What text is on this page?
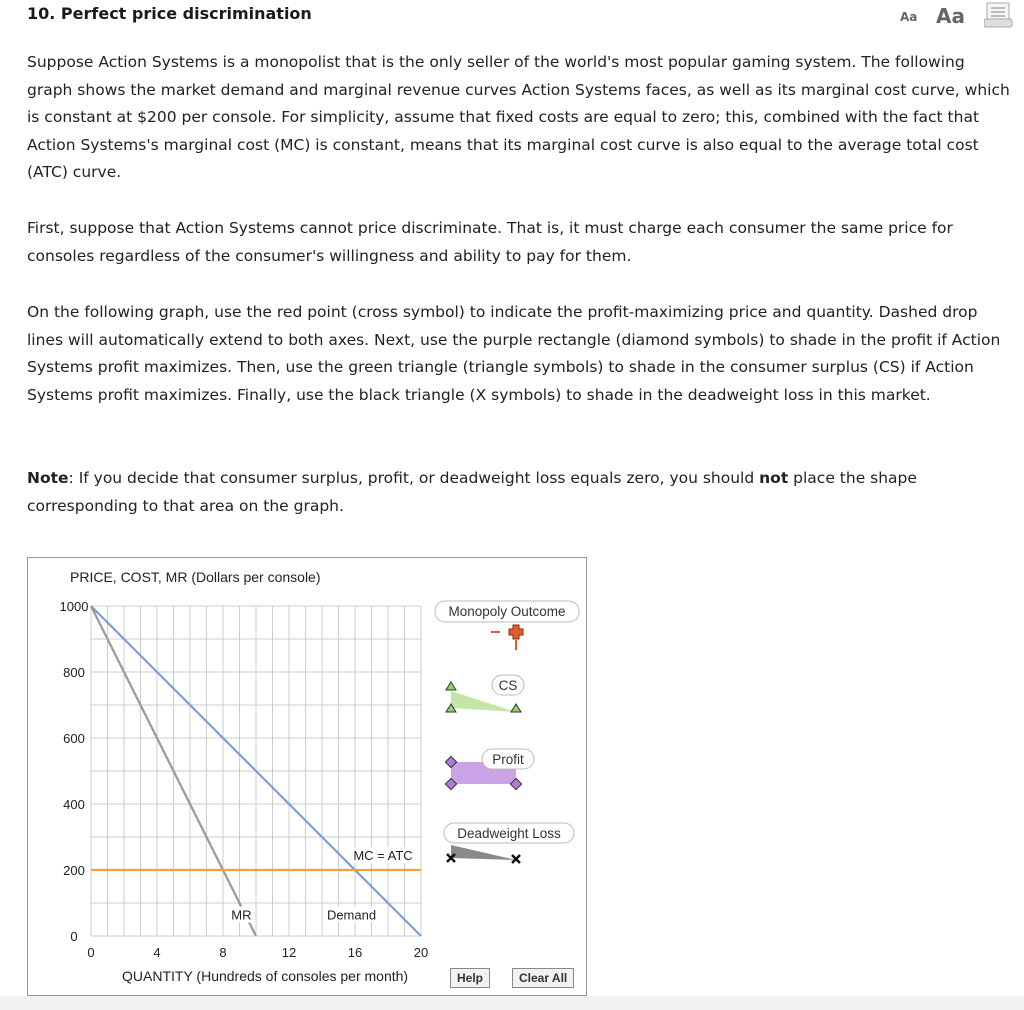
10. Perfect price discrimination	Aa Aa

Suppose Action Systems is a monopolist that is the only seller of the world's most popular gaming system. The following graph shows the market demand and marginal revenue curves Action Systems faces, as well as its marginal cost curve, which is constant at $200 per console. For simplicity, assume that fixed costs are equal to zero; this, combined with the fact that Action Systems's marginal cost (MC) is constant, means that its marginal cost curve is also equal to the average total cost (ATC) curve.

First, suppose that Action Systems cannot price discriminate. That is, it must charge each consumer the same price for consoles regardless of the consumer's willingness and ability to pay for them.

On the following graph, use the red point (cross symbol) to indicate the profit-maximizing price and quantity. Dashed drop lines will automatically extend to both axes. Next, use the purple rectangle (diamond symbols) to shade in the profit if Action Systems profit maximizes. Then, use the green triangle (triangle symbols) to shade in the consumer surplus (CS) if Action Systems profit maximizes. Finally, use the black triangle (X symbols) to shade in the deadweight loss in this market.

Note: If you decide that consumer surplus, profit, or deadweight loss equals zero, you should not place the shape corresponding to that area on the graph.

PRICE, COST, MR (Dollars per console)
QUANTITY (Hundreds of consoles per month)
0	4	8	12	16	20
0
200
400
600
800
1000
Demand
MR
MC = ATC
Monopoly Outcome
CS
Profit
Deadweight Loss
Help	Clear All
